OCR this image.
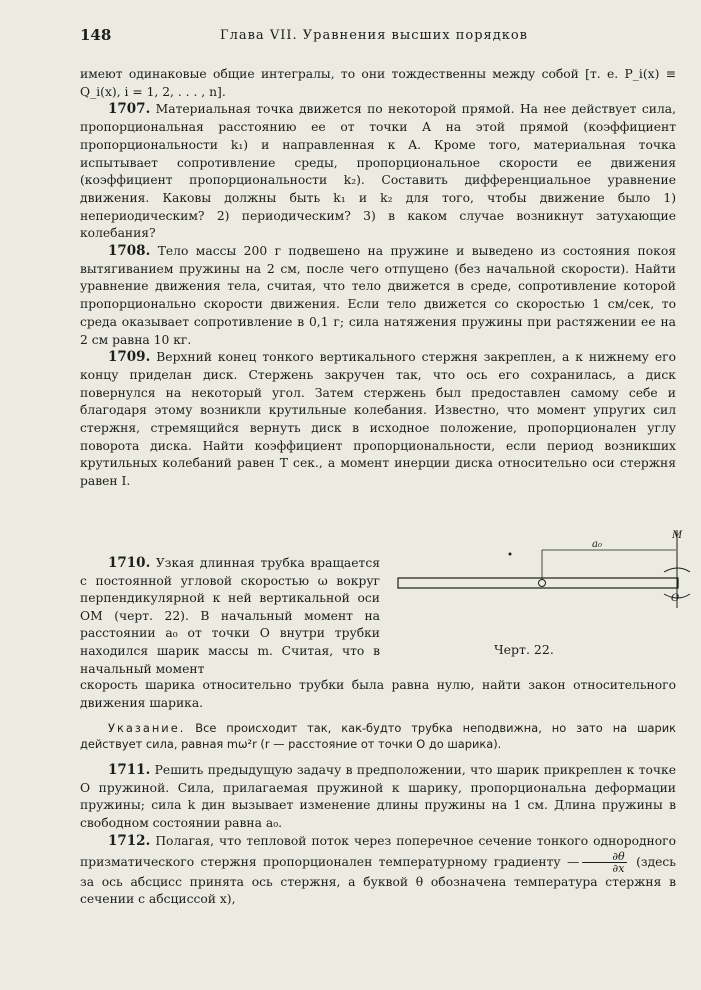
148	Глава VII. Уравнения высших порядков

имеют одинаковые общие интегралы, то они тождественны между собой [т. е. P_i(x) ≡ Q_i(x), i = 1, 2, . . . , n].

1707. Материальная точка движется по некоторой прямой. На нее действует сила, пропорциональная расстоянию ее от точки A на этой прямой (коэффициент пропорциональности k₁) и направленная к A. Кроме того, материальная точка испытывает сопротивление среды, пропорциональное скорости ее движения (коэффициент пропорциональности k₂). Составить дифференциальное уравнение движения. Каковы должны быть k₁ и k₂ для того, чтобы движение было 1) непериодическим? 2) периодическим? 3) в каком случае возникнут затухающие колебания?

1708. Тело массы 200 г подвешено на пружине и выведено из состояния покоя вытягиванием пружины на 2 см, после чего отпущено (без начальной скорости). Найти уравнение движения тела, считая, что тело движется в среде, сопротивление которой пропорционально скорости движения. Если тело движется со скоростью 1 см/сек, то среда оказывает сопротивление в 0,1 г; сила натяжения пружины при растяжении ее на 2 см равна 10 кг.

1709. Верхний конец тонкого вертикального стержня закреплен, а к нижнему его концу приделан диск. Стержень закручен так, что ось его сохранилась, а диск повернулся на некоторый угол. Затем стержень был предоставлен самому себе и благодаря этому возникли крутильные колебания. Известно, что момент упругих сил стержня, стремящийся вернуть диск в исходное положение, пропорционален углу поворота диска. Найти коэффициент пропорциональности, если период возникших крутильных колебаний равен T сек., а момент инерции диска относительно оси стержня равен I.

1710. Узкая длинная трубка вращается с постоянной угловой скоростью ω вокруг перпендикулярной к ней вертикальной оси OM (черт. 22). В начальный момент на расстоянии a₀ от точки O внутри трубки находился шарик массы m. Считая, что в начальный момент

M
a₀
O
Черт. 22.
скорость шарика относительно трубки была равна нулю, найти закон относительного движения шарика.
Указание. Все происходит так, как-будто трубка неподвижна, но зато на шарик действует сила, равная mω²r (r — расстояние от точки O до шарика).

1711. Решить предыдущую задачу в предположении, что шарик прикреплен к точке O пружиной. Сила, прилагаемая пружиной к шарику, пропорциональна деформации пружины; сила k дин вызывает изменение длины пружины на 1 см. Длина пружины в свободном состоянии равна a₀.

1712. Полагая, что тепловой поток через поперечное сечение тонкого однородного призматического стержня пропорционален температурному градиенту — $\frac{\partial\theta}{\partial x}$ (здесь за ось абсцисс принята ось стержня, а буквой θ обозначена температура стержня в сечении с абсциссой x),
